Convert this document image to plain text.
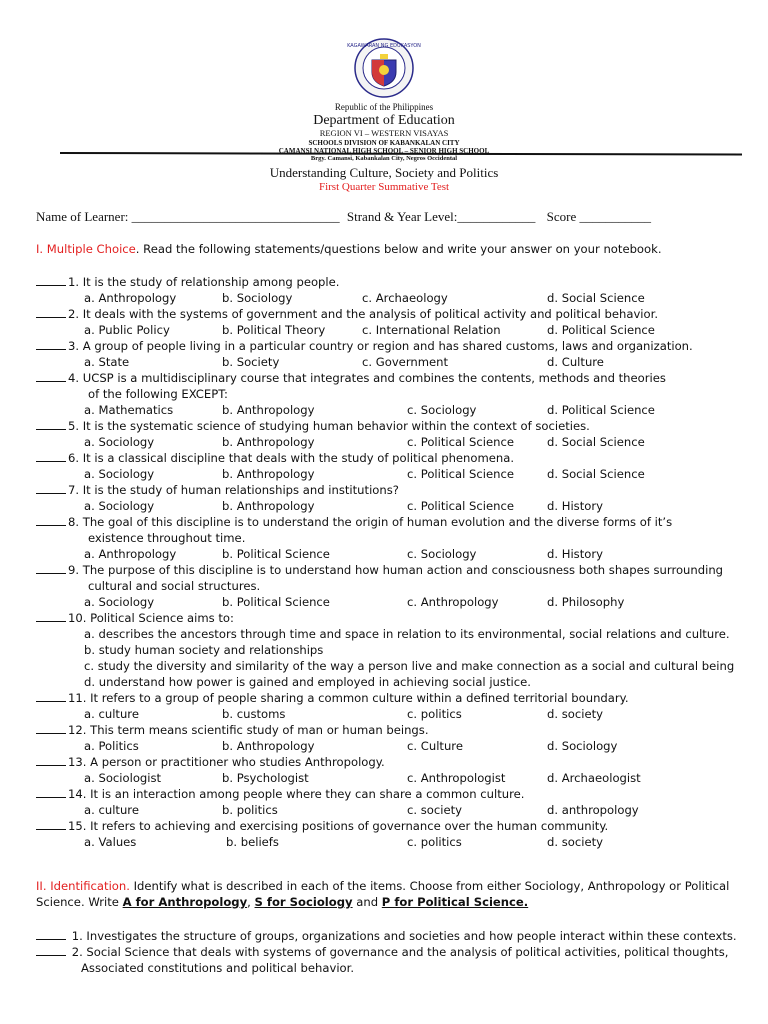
KAGAWARAN NG EDUKASYON
Republic of the Philippines
Department of Education
REGION VI – WESTERN VISAYAS
SCHOOLS DIVISION OF KABANKALAN CITY
CAMANSI NATIONAL HIGH SCHOOL – SENIOR HIGH SCHOOL
Brgy. Camansi, Kabankalan City, Negros Occidental
Understanding Culture, Society and Politics
First Quarter Summative Test
Name of Learner: ________________________________ Strand & Year Level:____________ Score ___________
I. Multiple Choice. Read the following statements/questions below and write your answer on your notebook.
1. It is the study of relationship among people.
a. Anthropology	b. Sociology	c. Archaeology	d. Social Science
2. It deals with the systems of government and the analysis of political activity and political behavior.
a. Public Policy	b. Political Theory	c. International Relation	d. Political Science
3. A group of people living in a particular country or region and has shared customs, laws and organization.
a. State	b. Society	c. Government	d. Culture
4. UCSP is a multidisciplinary course that integrates and combines the contents, methods and theories
of the following EXCEPT:
a. Mathematics	b. Anthropology	c. Sociology	d. Political Science
5. It is the systematic science of studying human behavior within the context of societies.
a. Sociology	b. Anthropology	c. Political Science	d. Social Science
6. It is a classical discipline that deals with the study of political phenomena.
a. Sociology	b. Anthropology	c. Political Science	d. Social Science
7. It is the study of human relationships and institutions?
a. Sociology	b. Anthropology	c. Political Science	d. History
8. The goal of this discipline is to understand the origin of human evolution and the diverse forms of it’s
existence throughout time.
a. Anthropology	b. Political Science	c. Sociology	d. History
9. The purpose of this discipline is to understand how human action and consciousness both shapes surrounding
cultural and social structures.
a. Sociology	b. Political Science	c. Anthropology	d. Philosophy
10. Political Science aims to:
a. describes the ancestors through time and space in relation to its environmental, social relations and culture.
b. study human society and relationships
c. study the diversity and similarity of the way a person live and make connection as a social and cultural being
d. understand how power is gained and employed in achieving social justice.
11. It refers to a group of people sharing a common culture within a defined territorial boundary.
a. culture	b. customs	c. politics	d. society
12. This term means scientific study of man or human beings.
a. Politics	b. Anthropology	c. Culture	d. Sociology
13. A person or practitioner who studies Anthropology.
a. Sociologist	b. Psychologist	c. Anthropologist	d. Archaeologist
14. It is an interaction among people where they can share a common culture.
a. culture	b. politics	c. society	d. anthropology
15. It refers to achieving and exercising positions of governance over the human community.
a. Values	b. beliefs	c. politics	d. society
II. Identification. Identify what is described in each of the items. Choose from either Sociology, Anthropology or Political Science. Write A for Anthropology, S for Sociology and P for Political Science.
1. Investigates the structure of groups, organizations and societies and how people interact within these contexts.
2. Social Science that deals with systems of governance and the analysis of political activities, political thoughts,
Associated constitutions and political behavior.
